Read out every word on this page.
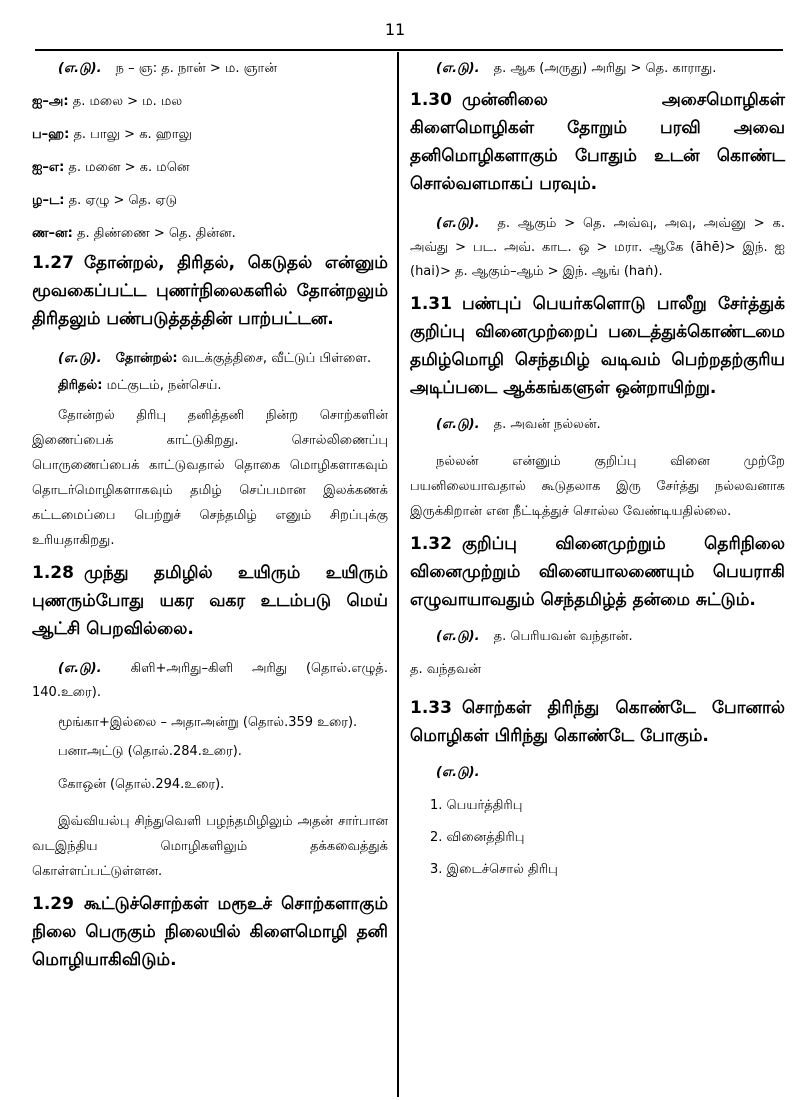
11
(எ.டு). ந – ஞ: த. நான் > ம. ஞான்
ஐ–அ: த. மலை > ம. மல
ப–ஹ: த. பாலு > க. ஹாலு
ஐ–எ: த. மனை > க. மனெ
ழ–ட: த. ஏழு > தெ. ஏடு
ண–ன: த. திண்ணை > தெ. தின்ன.
1.27 தோன்றல், திரிதல், கெடுதல் என்னும் மூவகைப்பட்ட புணர்நிலைகளில் தோன்றலும் திரிதலும் பண்படுத்தத்தின் பாற்பட்டன.
(எ.டு). தோன்றல்: வடக்குத்திசை, வீட்டுப் பிள்ளை.
திரிதல்: மட்குடம், நன்செய்.
தோன்றல் திரிபு தனித்தனி நின்ற சொற்களின் இணைப்பைக் காட்டுகிறது. சொல்லிணைப்பு பொருணைப்பைக் காட்டுவதால் தொகை மொழிகளாகவும் தொடர்மொழிகளாகவும் தமிழ் செப்பமான இலக்கணக் கட்டமைப்பை பெற்றுச் செந்தமிழ் எனும் சிறப்புக்கு உரியதாகிறது.
1.28 முந்து தமிழில் உயிரும் உயிரும் புணரும்போது யகர வகர உடம்படு மெய் ஆட்சி பெறவில்லை.
(எ.டு). கிளி+அரிது–கிளி அரிது (தொல்.எழுத். 140.உரை).
மூங்கா+இல்லை – அதாஅன்று (தொல்.359 உரை).
பனாஅட்டு (தொல்.284.உரை).
கோஒன் (தொல்.294.உரை).
இவ்வியல்பு சிந்துவெளி பழந்தமிழிலும் அதன் சார்பான வடஇந்திய மொழிகளிலும் தக்கவைத்துக் கொள்ளப்பட்டுள்ளன.
1.29 கூட்டுச்சொற்கள் மரூஉச் சொற்களாகும் நிலை பெருகும் நிலையில் கிளைமொழி தனி மொழியாகிவிடும்.
(எ.டு). த. ஆக (அருது) அரிது > தெ. காராது.
1.30 முன்னிலை அசைமொழிகள் கிளைமொழிகள் தோறும் பரவி அவை தனிமொழிகளாகும் போதும் உடன் கொண்ட சொல்வளமாகப் பரவும்.
(எ.டு). த. ஆகும் > தெ. அவ்வு, அவு, அவ்னு > க. அவ்து > பட. அவ். காட. ஒ > மரா. ஆகே (āhē)> இந். ஐ (hai)> த. ஆகும்–ஆம் > இந். ஆங் (haṅ).
1.31 பண்புப் பெயர்களொடு பாலீறு சேர்த்துக் குறிப்பு வினைமுற்றைப் படைத்துக்கொண்டமை தமிழ்மொழி செந்தமிழ் வடிவம் பெற்றதற்குரிய அடிப்படை ஆக்கங்களுள் ஒன்றாயிற்று.
(எ.டு). த. அவன் நல்லன்.
நல்லன் என்னும் குறிப்பு வினை முற்றே பயனிலையாவதால் கூடுதலாக இரு சேர்த்து நல்லவனாக இருக்கிறான் என நீட்டித்துச் சொல்ல வேண்டியதில்லை.
1.32 குறிப்பு வினைமுற்றும் தெரிநிலை வினைமுற்றும் வினையாலணையும் பெயராகி எழுவாயாவதும் செந்தமிழ்த் தன்மை சுட்டும்.
(எ.டு). த. பெரியவன் வந்தான்.
த. வந்தவன்
1.33 சொற்கள் திரிந்து கொண்டே போனால் மொழிகள் பிரிந்து கொண்டே போகும்.
(எ.டு).
1. பெயர்த்திரிபு
2. வினைத்திரிபு
3. இடைச்சொல் திரிபு
